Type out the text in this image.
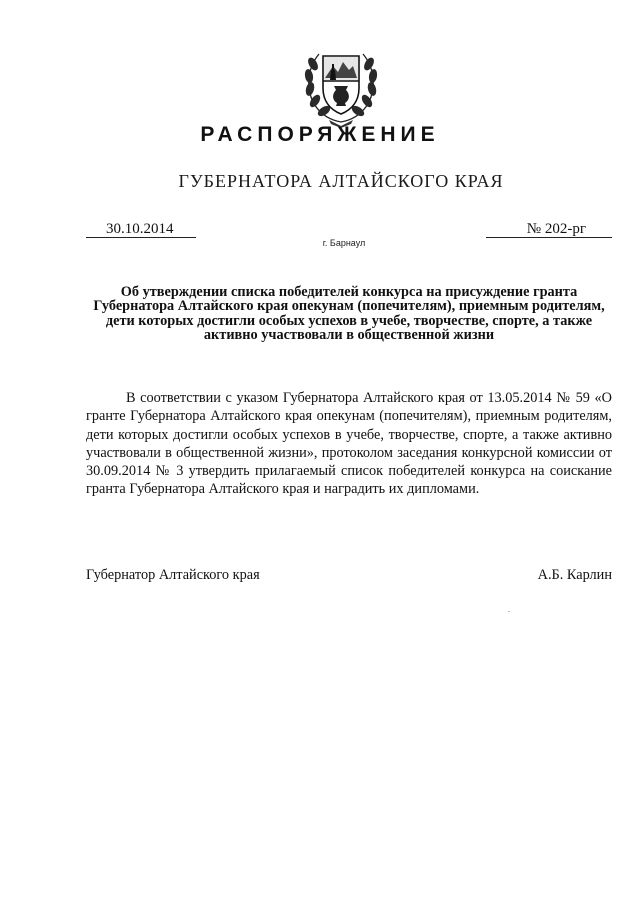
РАСПОРЯЖЕНИЕ
ГУБЕРНАТОРА АЛТАЙСКОГО КРАЯ
30.10.2014	№ 202-рг
г. Барнаул
Об утверждении списка победителей конкурса на присуждение гранта Губернатора Алтайского края опекунам (попечителям), приемным родителям, дети которых достигли особых успехов в учебе, творчестве, спорте, а также активно участвовали в общественной жизни
В соответствии с указом Губернатора Алтайского края от 13.05.2014 № 59 «О гранте Губернатора Алтайского края опекунам (попечителям), приемным родителям, дети которых достигли особых успехов в учебе, творчестве, спорте, а также активно участвовали в общественной жизни», протоколом заседания конкурсной комиссии от 30.09.2014 № 3 утвердить прилагаемый список победителей конкурса на соискание гранта Губернатора Алтайского края и наградить их дипломами.
Губернатор Алтайского края	А.Б. Карлин
